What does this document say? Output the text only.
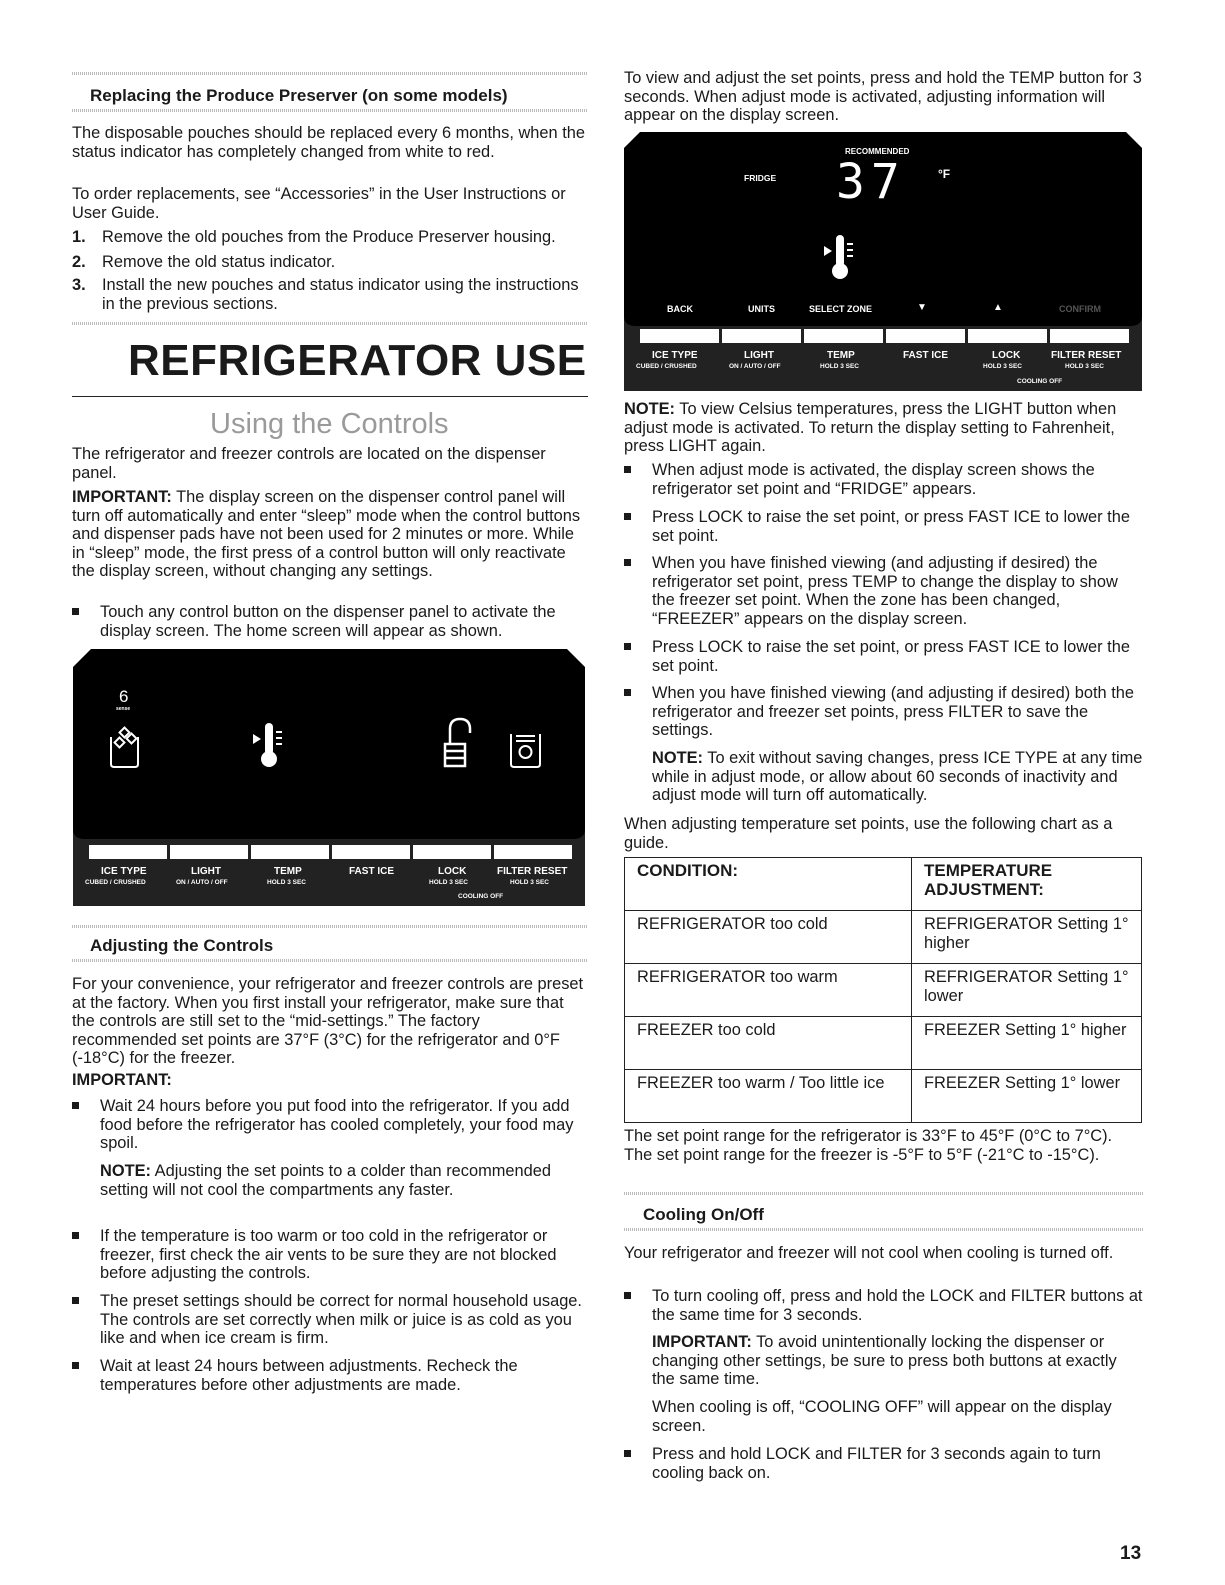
Replacing the Produce Preserver (on some models)
The disposable pouches should be replaced every 6 months, when the status indicator has completely changed from white to red.
To order replacements, see “Accessories” in the User Instructions or User Guide.
1. Remove the old pouches from the Produce Preserver housing.
2. Remove the old status indicator.
3. Install the new pouches and status indicator using the instructions in the previous sections.
REFRIGERATOR USE
Using the Controls
The refrigerator and freezer controls are located on the dispenser panel.
IMPORTANT: The display screen on the dispenser control panel will turn off automatically and enter “sleep” mode when the control buttons and dispenser pads have not been used for 2 minutes or more. While in “sleep” mode, the first press of a control button will only reactivate the display screen, without changing any settings.
Touch any control button on the dispenser panel to activate the display screen. The home screen will appear as shown.
6
sense
ICE TYPE
CUBED / CRUSHED
LIGHT
ON / AUTO / OFF
TEMP
HOLD 3 SEC
FAST ICE	LOCK
HOLD 3 SEC
FILTER RESET
HOLD 3 SEC
COOLING OFF
Adjusting the Controls
For your convenience, your refrigerator and freezer controls are preset at the factory. When you first install your refrigerator, make sure that the controls are still set to the “mid-settings.” The factory recommended set points are 37°F (3°C) for the refrigerator and 0°F (-18°C) for the freezer.
IMPORTANT:
Wait 24 hours before you put food into the refrigerator. If you add food before the refrigerator has cooled completely, your food may spoil.
NOTE: Adjusting the set points to a colder than recommended setting will not cool the compartments any faster.
If the temperature is too warm or too cold in the refrigerator or freezer, first check the air vents to be sure they are not blocked before adjusting the controls.
The preset settings should be correct for normal household usage. The controls are set correctly when milk or juice is as cold as you like and when ice cream is firm.
Wait at least 24 hours between adjustments. Recheck the temperatures before other adjustments are made.
To view and adjust the set points, press and hold the TEMP button for 3 seconds. When adjust mode is activated, adjusting information will appear on the display screen.
RECOMMENDED
FRIDGE 37	°F
BACK	UNITS	SELECT ZONE	▼	▲	CONFIRM
ICE TYPE
CUBED / CRUSHED
LIGHT
ON / AUTO / OFF
TEMP
HOLD 3 SEC
FAST ICE	LOCK
HOLD 3 SEC
FILTER RESET
HOLD 3 SEC
COOLING OFF
NOTE: To view Celsius temperatures, press the LIGHT button when adjust mode is activated. To return the display setting to Fahrenheit, press LIGHT again.
When adjust mode is activated, the display screen shows the refrigerator set point and “FRIDGE” appears.
Press LOCK to raise the set point, or press FAST ICE to lower the set point.
When you have finished viewing (and adjusting if desired) the refrigerator set point, press TEMP to change the display to show the freezer set point. When the zone has been changed, “FREEZER” appears on the display screen.
Press LOCK to raise the set point, or press FAST ICE to lower the set point.
When you have finished viewing (and adjusting if desired) both the refrigerator and freezer set points, press FILTER to save the settings.
NOTE: To exit without saving changes, press ICE TYPE at any time while in adjust mode, or allow about 60 seconds of inactivity and adjust mode will turn off automatically.
When adjusting temperature set points, use the following chart as a guide.
CONDITION:	TEMPERATURE ADJUSTMENT:
REFRIGERATOR too cold	REFRIGERATOR Setting 1° higher
REFRIGERATOR too warm	REFRIGERATOR Setting 1° lower
FREEZER too cold	FREEZER Setting 1° higher
FREEZER too warm / Too little ice	FREEZER Setting 1° lower
The set point range for the refrigerator is 33°F to 45°F (0°C to 7°C). The set point range for the freezer is -5°F to 5°F (-21°C to -15°C).
Cooling On/Off
Your refrigerator and freezer will not cool when cooling is turned off.
To turn cooling off, press and hold the LOCK and FILTER buttons at the same time for 3 seconds.
IMPORTANT: To avoid unintentionally locking the dispenser or changing other settings, be sure to press both buttons at exactly the same time.
When cooling is off, “COOLING OFF” will appear on the display screen.
Press and hold LOCK and FILTER for 3 seconds again to turn cooling back on.
13
